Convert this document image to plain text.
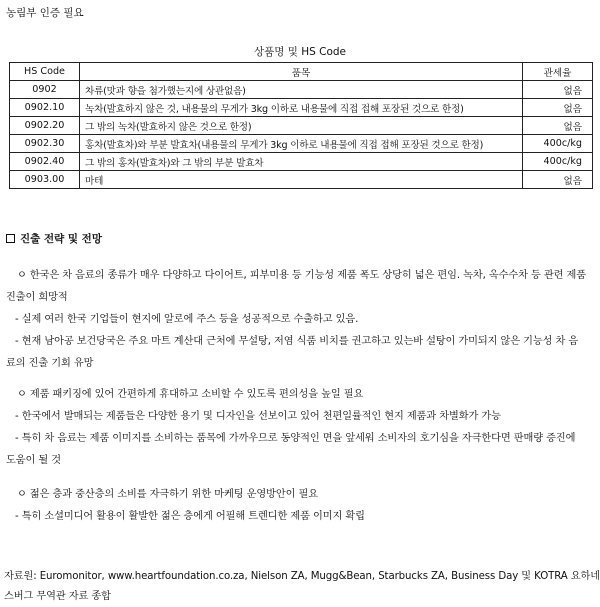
농림부 인증 필요
상품명 및 HS Code
HS Code	품목	관세율
0902	차류(맛과 향을 첨가했는지에 상관없음)	없음
0902.10	녹차(발효하지 않은 것, 내용물의 무게가 3kg 이하로 내용물에 직접 접해 포장된 것으로 한정)	없음
0902.20	그 밖의 녹차(발효하지 않은 것으로 한정)	없음
0902.30	홍차(발효차)와 부분 발효차(내용물의 무게가 3kg 이하로 내용물에 직접 접해 포장된 것으로 한정)	400c/kg
0902.40	그 밖의 홍차(발효차)와 그 밖의 부분 발효차	400c/kg
0903.00	마테	없음
진출 전략 및 전망
ㅇ 한국은 차 음료의 종류가 매우 다양하고 다이어트, 피부미용 등 기능성 제품 폭도 상당히 넓은 편임. 녹차, 옥수수차 등 관련 제품
진출이 희망적
- 실제 여러 한국 기업들이 현지에 알로에 주스 등을 성공적으로 수출하고 있음.
- 현재 남아공 보건당국은 주요 마트 계산대 근처에 무설탕, 저염 식품 비치를 권고하고 있는바 설탕이 가미되지 않은 기능성 차 음
료의 진출 기회 유망
ㅇ 제품 패키징에 있어 간편하게 휴대하고 소비할 수 있도록 편의성을 높일 필요
- 한국에서 발매되는 제품들은 다양한 용기 및 디자인을 선보이고 있어 천편일률적인 현지 제품과 차별화가 가능
- 특히 차 음료는 제품 이미지를 소비하는 품목에 가까우므로 동양적인 면을 앞세워 소비자의 호기심을 자극한다면 판매량 증진에
도움이 될 것
ㅇ 젊은 층과 중산층의 소비를 자극하기 위한 마케팅 운영방안이 필요
- 특히 소셜미디어 활용이 활발한 젊은 층에게 어필해 트렌디한 제품 이미지 확립
자료원: Euromonitor, www.heartfoundation.co.za, Nielson ZA, Mugg&Bean, Starbucks ZA, Business Day 및 KOTRA 요하네
스버그 무역관 자료 종합
